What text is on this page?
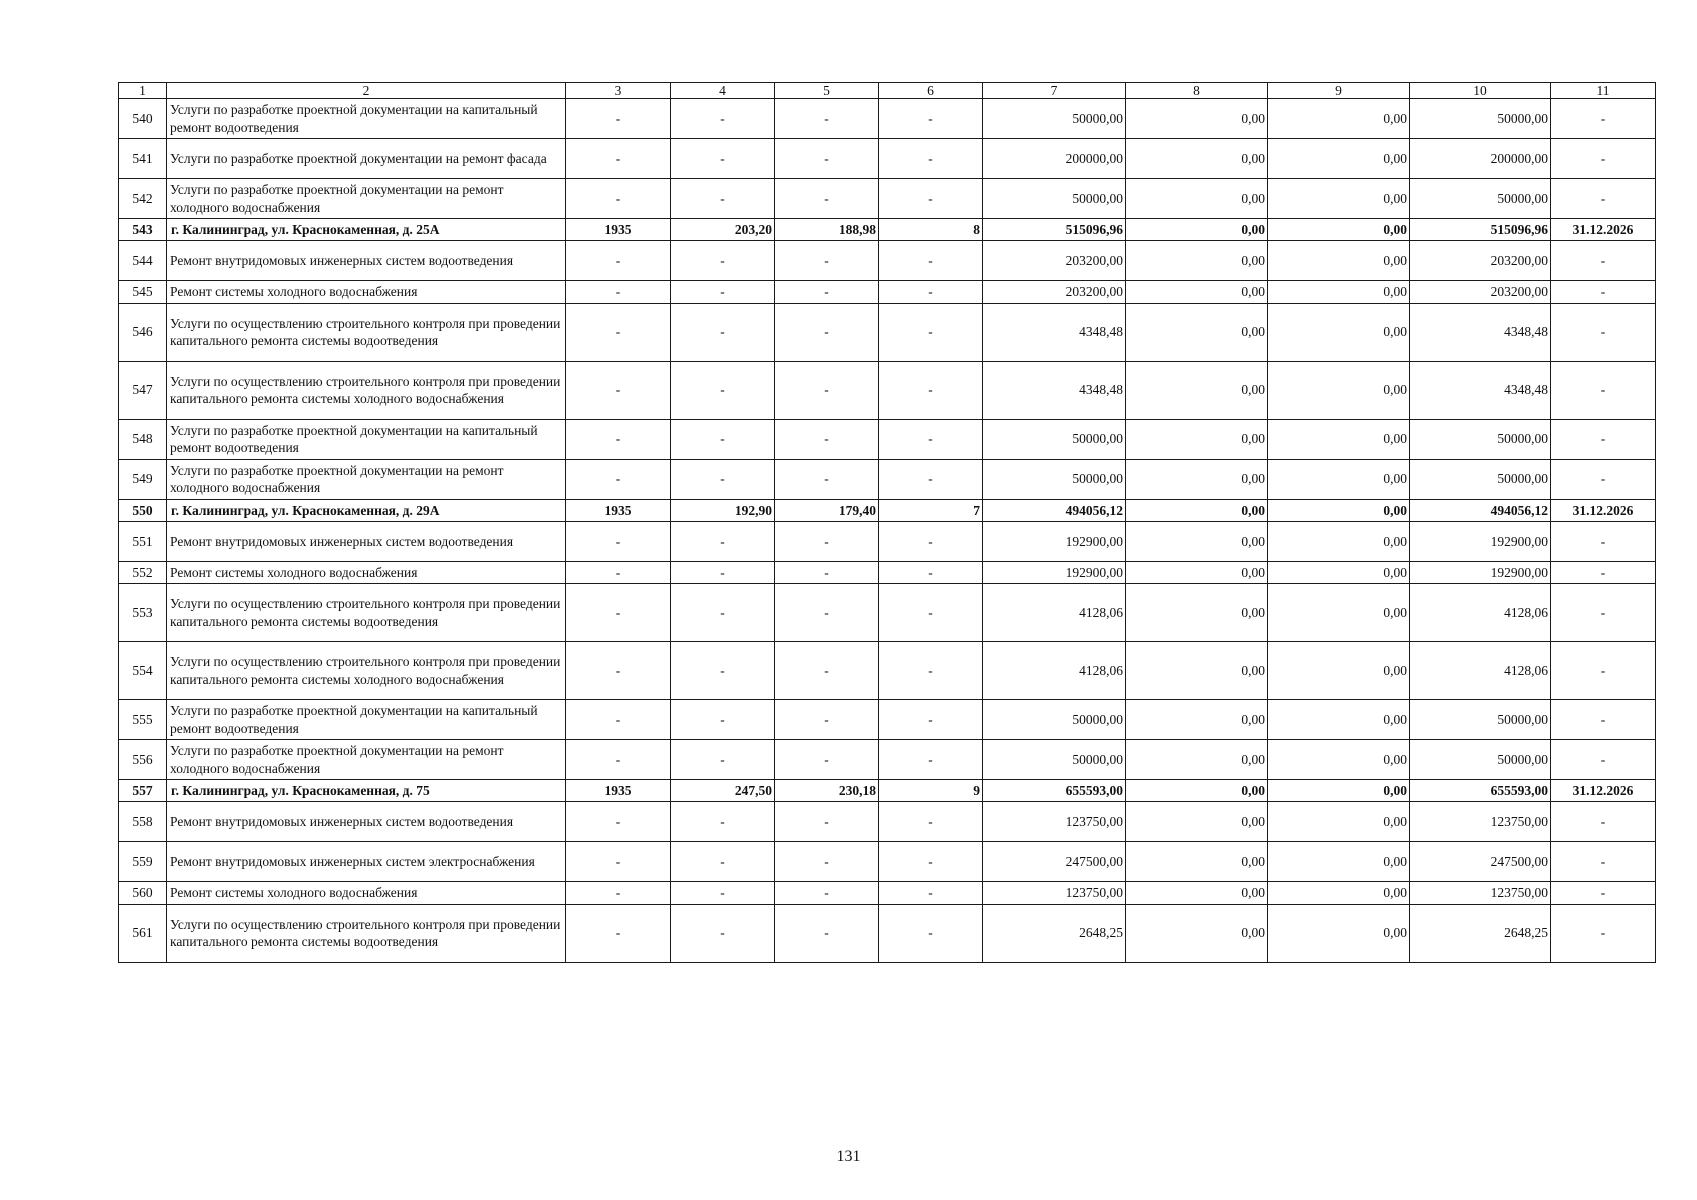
1	2	3	4	5	6	7	8	9	10	11
540	Услуги по разработке проектной документации на капитальный ремонт водоотведения	-	-	-	-	50000,00	0,00	0,00	50000,00	-
541	Услуги по разработке проектной документации на ремонт фасада	-	-	-	-	200000,00	0,00	0,00	200000,00	-
542	Услуги по разработке проектной документации на ремонт холодного водоснабжения	-	-	-	-	50000,00	0,00	0,00	50000,00	-
543	г. Калининград, ул. Краснокаменная, д. 25А	1935	203,20	188,98	8	515096,96	0,00	0,00	515096,96	31.12.2026
544	Ремонт внутридомовых инженерных систем водоотведения	-	-	-	-	203200,00	0,00	0,00	203200,00	-
545	Ремонт системы холодного водоснабжения	-	-	-	-	203200,00	0,00	0,00	203200,00	-
546	Услуги по осуществлению строительного контроля при проведении капитального ремонта системы водоотведения	-	-	-	-	4348,48	0,00	0,00	4348,48	-
547	Услуги по осуществлению строительного контроля при проведении капитального ремонта системы холодного водоснабжения	-	-	-	-	4348,48	0,00	0,00	4348,48	-
548	Услуги по разработке проектной документации на капитальный ремонт водоотведения	-	-	-	-	50000,00	0,00	0,00	50000,00	-
549	Услуги по разработке проектной документации на ремонт холодного водоснабжения	-	-	-	-	50000,00	0,00	0,00	50000,00	-
550	г. Калининград, ул. Краснокаменная, д. 29А	1935	192,90	179,40	7	494056,12	0,00	0,00	494056,12	31.12.2026
551	Ремонт внутридомовых инженерных систем водоотведения	-	-	-	-	192900,00	0,00	0,00	192900,00	-
552	Ремонт системы холодного водоснабжения	-	-	-	-	192900,00	0,00	0,00	192900,00	-
553	Услуги по осуществлению строительного контроля при проведении капитального ремонта системы водоотведения	-	-	-	-	4128,06	0,00	0,00	4128,06	-
554	Услуги по осуществлению строительного контроля при проведении капитального ремонта системы холодного водоснабжения	-	-	-	-	4128,06	0,00	0,00	4128,06	-
555	Услуги по разработке проектной документации на капитальный ремонт водоотведения	-	-	-	-	50000,00	0,00	0,00	50000,00	-
556	Услуги по разработке проектной документации на ремонт холодного водоснабжения	-	-	-	-	50000,00	0,00	0,00	50000,00	-
557	г. Калининград, ул. Краснокаменная, д. 75	1935	247,50	230,18	9	655593,00	0,00	0,00	655593,00	31.12.2026
558	Ремонт внутридомовых инженерных систем водоотведения	-	-	-	-	123750,00	0,00	0,00	123750,00	-
559	Ремонт внутридомовых инженерных систем электроснабжения	-	-	-	-	247500,00	0,00	0,00	247500,00	-
560	Ремонт системы холодного водоснабжения	-	-	-	-	123750,00	0,00	0,00	123750,00	-
561	Услуги по осуществлению строительного контроля при проведении капитального ремонта системы водоотведения	-	-	-	-	2648,25	0,00	0,00	2648,25	-
131
